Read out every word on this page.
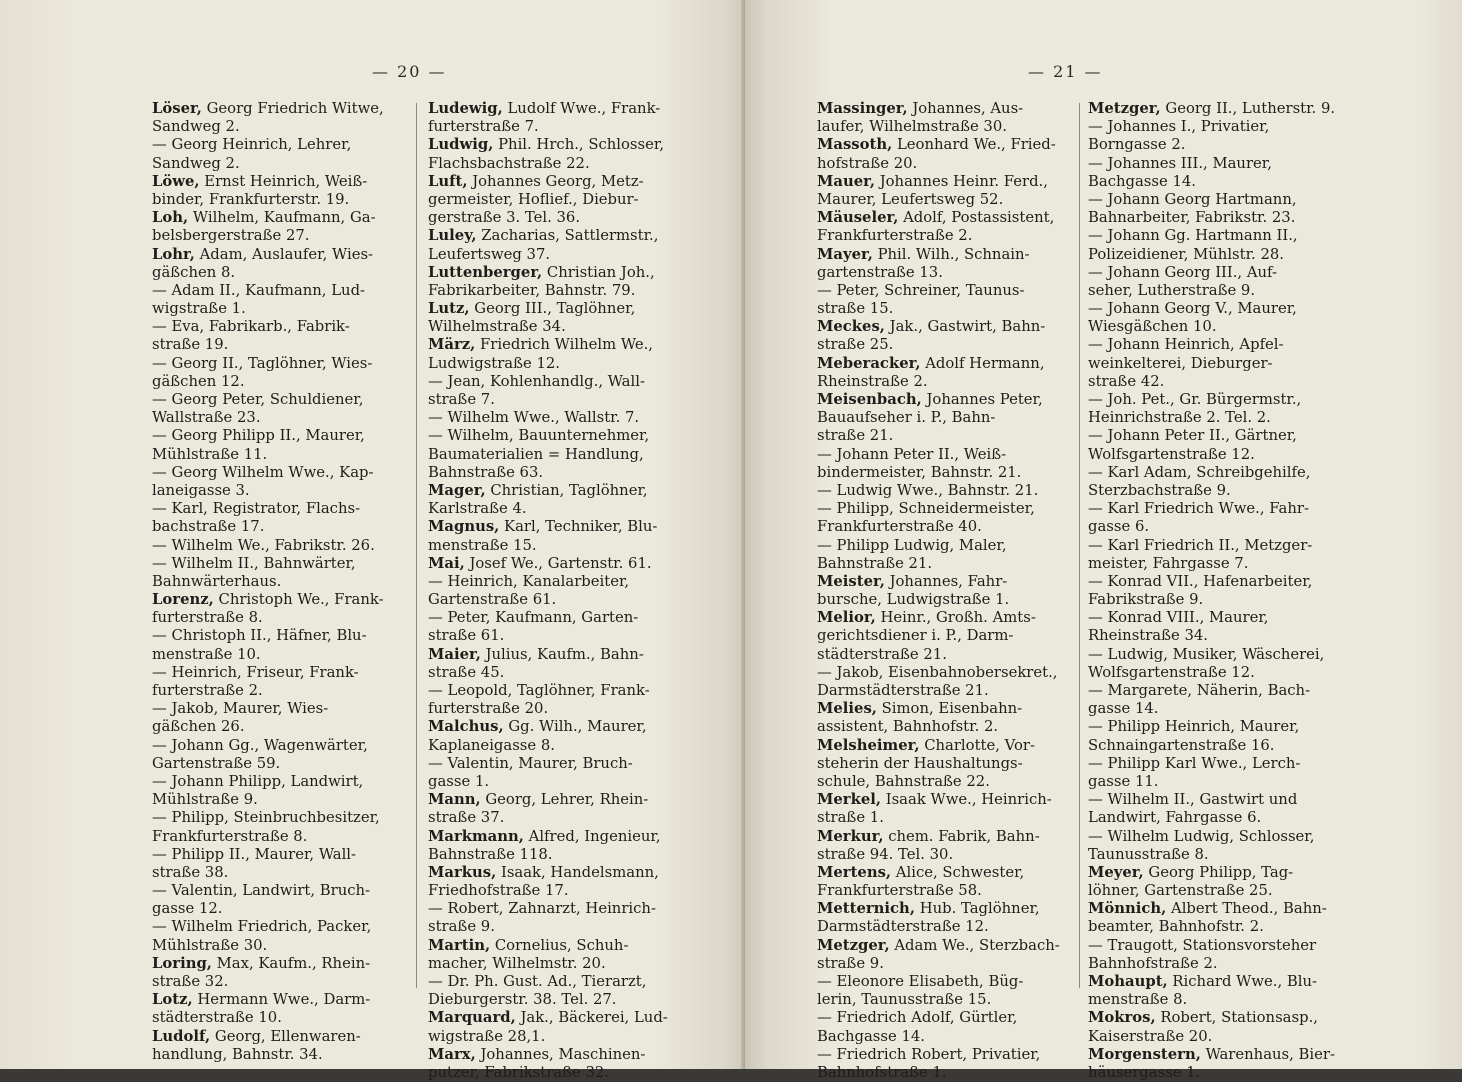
— 20 —
Löser, Georg Friedrich Witwe,
Sandweg 2.
— Georg Heinrich, Lehrer,
Sandweg 2.
Löwe, Ernst Heinrich, Weiß-
binder, Frankfurterstr. 19.
Loh, Wilhelm, Kaufmann, Ga-
belsbergerstraße 27.
Lohr, Adam, Auslaufer, Wies-
gäßchen 8.
— Adam II., Kaufmann, Lud-
wigstraße 1.
— Eva, Fabrikarb., Fabrik-
straße 19.
— Georg II., Taglöhner, Wies-
gäßchen 12.
— Georg Peter, Schuldiener,
Wallstraße 23.
— Georg Philipp II., Maurer,
Mühlstraße 11.
— Georg Wilhelm Wwe., Kap-
laneigasse 3.
— Karl, Registrator, Flachs-
bachstraße 17.
— Wilhelm We., Fabrikstr. 26.
— Wilhelm II., Bahnwärter,
Bahnwärterhaus.
Lorenz, Christoph We., Frank-
furterstraße 8.
— Christoph II., Häfner, Blu-
menstraße 10.
— Heinrich, Friseur, Frank-
furterstraße 2.
— Jakob, Maurer, Wies-
gäßchen 26.
— Johann Gg., Wagenwärter,
Gartenstraße 59.
— Johann Philipp, Landwirt,
Mühlstraße 9.
— Philipp, Steinbruchbesitzer,
Frankfurterstraße 8.
— Philipp II., Maurer, Wall-
straße 38.
— Valentin, Landwirt, Bruch-
gasse 12.
— Wilhelm Friedrich, Packer,
Mühlstraße 30.
Loring, Max, Kaufm., Rhein-
straße 32.
Lotz, Hermann Wwe., Darm-
städterstraße 10.
Ludolf, Georg, Ellenwaren-
handlung, Bahnstr. 34.
Ludewig, Ludolf Wwe., Frank-
furterstraße 7.
Ludwig, Phil. Hrch., Schlosser,
Flachsbachstraße 22.
Luft, Johannes Georg, Metz-
germeister, Hoflief., Diebur-
gerstraße 3. Tel. 36.
Luley, Zacharias, Sattlermstr.,
Leufertsweg 37.
Luttenberger, Christian Joh.,
Fabrikarbeiter, Bahnstr. 79.
Lutz, Georg III., Taglöhner,
Wilhelmstraße 34.
März, Friedrich Wilhelm We.,
Ludwigstraße 12.
— Jean, Kohlenhandlg., Wall-
straße 7.
— Wilhelm Wwe., Wallstr. 7.
— Wilhelm, Bauunternehmer,
Baumaterialien = Handlung,
Bahnstraße 63.
Mager, Christian, Taglöhner,
Karlstraße 4.
Magnus, Karl, Techniker, Blu-
menstraße 15.
Mai, Josef We., Gartenstr. 61.
— Heinrich, Kanalarbeiter,
Gartenstraße 61.
— Peter, Kaufmann, Garten-
straße 61.
Maier, Julius, Kaufm., Bahn-
straße 45.
— Leopold, Taglöhner, Frank-
furterstraße 20.
Malchus, Gg. Wilh., Maurer,
Kaplaneigasse 8.
— Valentin, Maurer, Bruch-
gasse 1.
Mann, Georg, Lehrer, Rhein-
straße 37.
Markmann, Alfred, Ingenieur,
Bahnstraße 118.
Markus, Isaak, Handelsmann,
Friedhofstraße 17.
— Robert, Zahnarzt, Heinrich-
straße 9.
Martin, Cornelius, Schuh-
macher, Wilhelmstr. 20.
— Dr. Ph. Gust. Ad., Tierarzt,
Dieburgerstr. 38. Tel. 27.
Marquard, Jak., Bäckerei, Lud-
wigstraße 28,1.
Marx, Johannes, Maschinen-
putzer, Fabrikstraße 32.
— 21 —
Massinger, Johannes, Aus-
laufer, Wilhelmstraße 30.
Massoth, Leonhard We., Fried-
hofstraße 20.
Mauer, Johannes Heinr. Ferd.,
Maurer, Leufertsweg 52.
Mäuseler, Adolf, Postassistent,
Frankfurterstraße 2.
Mayer, Phil. Wilh., Schnain-
gartenstraße 13.
— Peter, Schreiner, Taunus-
straße 15.
Meckes, Jak., Gastwirt, Bahn-
straße 25.
Meberacker, Adolf Hermann,
Rheinstraße 2.
Meisenbach, Johannes Peter,
Bauaufseher i. P., Bahn-
straße 21.
— Johann Peter II., Weiß-
bindermeister, Bahnstr. 21.
— Ludwig Wwe., Bahnstr. 21.
— Philipp, Schneidermeister,
Frankfurterstraße 40.
— Philipp Ludwig, Maler,
Bahnstraße 21.
Meister, Johannes, Fahr-
bursche, Ludwigstraße 1.
Melior, Heinr., Großh. Amts-
gerichtsdiener i. P., Darm-
städterstraße 21.
— Jakob, Eisenbahnobersekret.,
Darmstädterstraße 21.
Melies, Simon, Eisenbahn-
assistent, Bahnhofstr. 2.
Melsheimer, Charlotte, Vor-
steherin der Haushaltungs-
schule, Bahnstraße 22.
Merkel, Isaak Wwe., Heinrich-
straße 1.
Merkur, chem. Fabrik, Bahn-
straße 94. Tel. 30.
Mertens, Alice, Schwester,
Frankfurterstraße 58.
Metternich, Hub. Taglöhner,
Darmstädterstraße 12.
Metzger, Adam We., Sterzbach-
straße 9.
— Eleonore Elisabeth, Büg-
lerin, Taunusstraße 15.
— Friedrich Adolf, Gürtler,
Bachgasse 14.
— Friedrich Robert, Privatier,
Bahnhofstraße 1.
Metzger, Georg II., Lutherstr. 9.
— Johannes I., Privatier,
Borngasse 2.
— Johannes III., Maurer,
Bachgasse 14.
— Johann Georg Hartmann,
Bahnarbeiter, Fabrikstr. 23.
— Johann Gg. Hartmann II.,
Polizeidiener, Mühlstr. 28.
— Johann Georg III., Auf-
seher, Lutherstraße 9.
— Johann Georg V., Maurer,
Wiesgäßchen 10.
— Johann Heinrich, Apfel-
weinkelterei, Dieburger-
straße 42.
— Joh. Pet., Gr. Bürgermstr.,
Heinrichstraße 2. Tel. 2.
— Johann Peter II., Gärtner,
Wolfsgartenstraße 12.
— Karl Adam, Schreibgehilfe,
Sterzbachstraße 9.
— Karl Friedrich Wwe., Fahr-
gasse 6.
— Karl Friedrich II., Metzger-
meister, Fahrgasse 7.
— Konrad VII., Hafenarbeiter,
Fabrikstraße 9.
— Konrad VIII., Maurer,
Rheinstraße 34.
— Ludwig, Musiker, Wäscherei,
Wolfsgartenstraße 12.
— Margarete, Näherin, Bach-
gasse 14.
— Philipp Heinrich, Maurer,
Schnaingartenstraße 16.
— Philipp Karl Wwe., Lerch-
gasse 11.
— Wilhelm II., Gastwirt und
Landwirt, Fahrgasse 6.
— Wilhelm Ludwig, Schlosser,
Taunusstraße 8.
Meyer, Georg Philipp, Tag-
löhner, Gartenstraße 25.
Mönnich, Albert Theod., Bahn-
beamter, Bahnhofstr. 2.
— Traugott, Stationsvorsteher
Bahnhofstraße 2.
Mohaupt, Richard Wwe., Blu-
menstraße 8.
Mokros, Robert, Stationsasp.,
Kaiserstraße 20.
Morgenstern, Warenhaus, Bier-
häusergasse 1.
